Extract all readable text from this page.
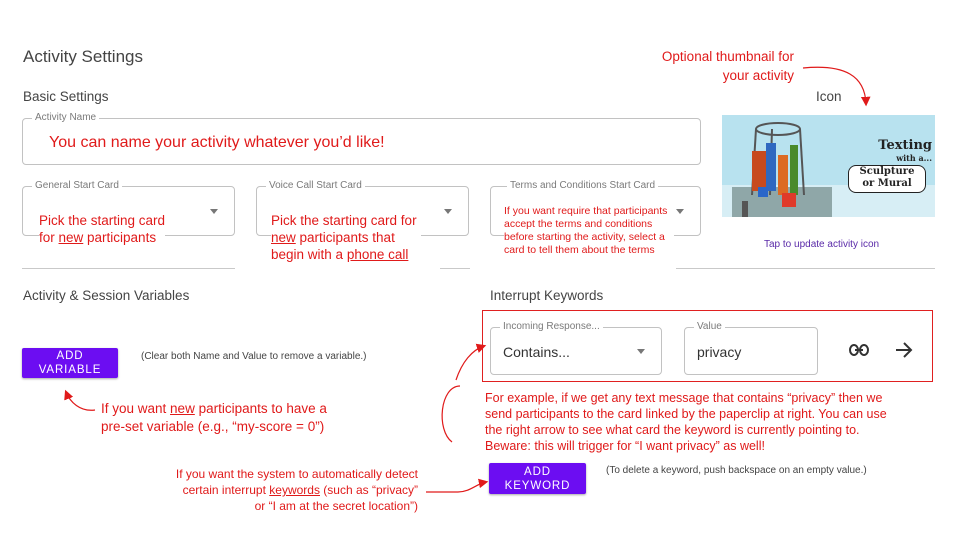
Activity Settings
Basic Settings	Icon
Activity Name
You can name your activity whatever you’d like!
Optional thumbnail for
your activity
Texting
with a...
Sculpture
or Mural
Tap to update activity icon
General Start Card	Voice Call Start Card	Terms and Conditions Start Card
Pick the starting card
for new participants
Pick the starting card for
new participants that
begin with a phone call
If you want require that participants accept the terms and conditions before starting the activity, select a card to tell them about the terms
Activity & Session Variables
ADD
VARIABLE
(Clear both Name and Value to remove a variable.)
If you want new participants to have a
pre-set variable (e.g., “my-score = 0”)
Interrupt Keywords
Incoming Response...
Contains...
Value
privacy
For example, if we get any text message that contains “privacy” then we
send participants to the card linked by the paperclip at right. You can use
the right arrow to see what card the keyword is currently pointing to.
Beware: this will trigger for “I want privacy” as well!
ADD
KEYWORD
(To delete a keyword, push backspace on an empty value.)
If you want the system to automatically detect
certain interrupt keywords (such as “privacy”
or “I am at the secret location”)
